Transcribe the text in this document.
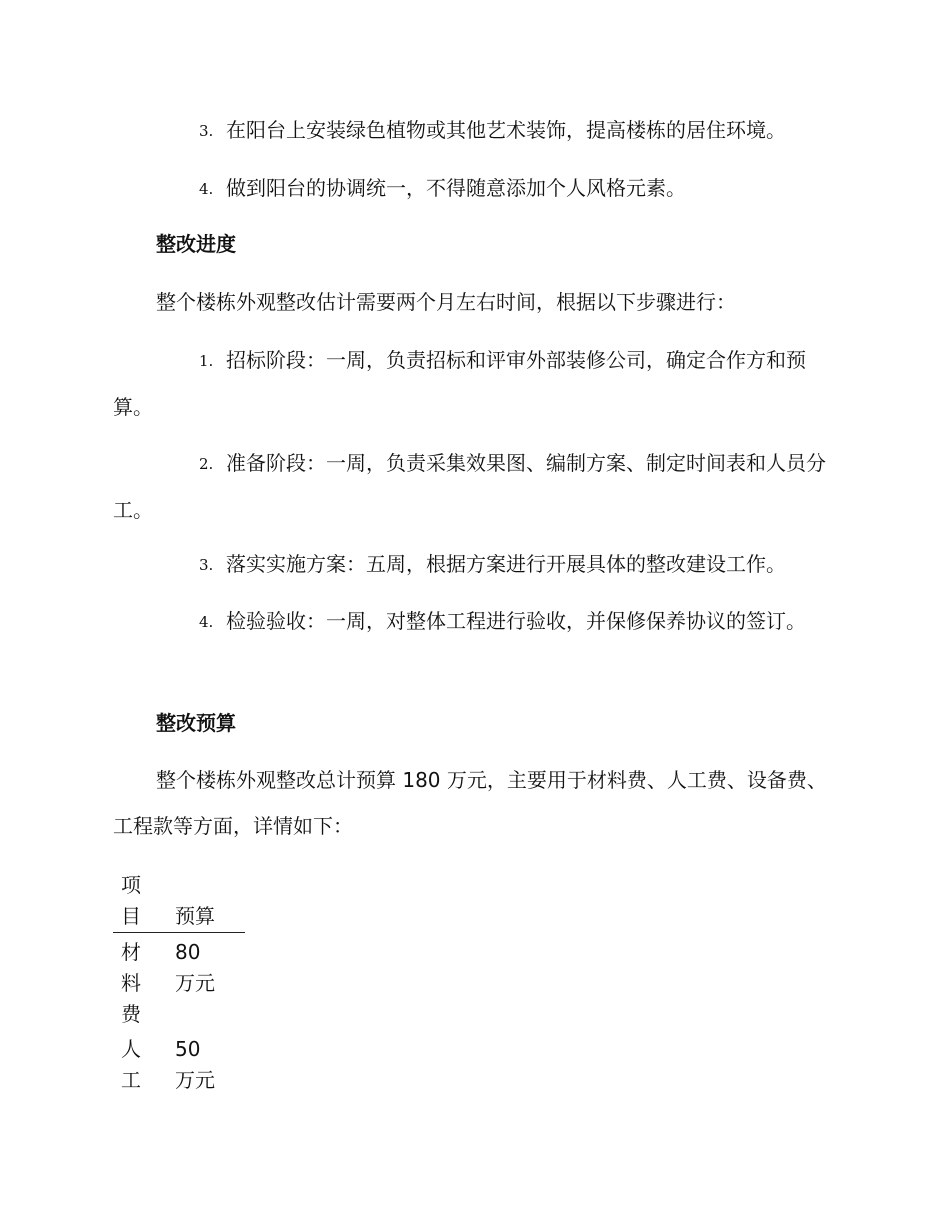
3. 在阳台上安装绿色植物或其他艺术装饰，提高楼栋的居住环境。

4. 做到阳台的协调统一，不得随意添加个人风格元素。

整改进度

整个楼栋外观整改估计需要两个月左右时间，根据以下步骤进行：

1. 招标阶段：一周，负责招标和评审外部装修公司，确定合作方和预算。

2. 准备阶段：一周，负责采集效果图、编制方案、制定时间表和人员分工。

3. 落实实施方案：五周，根据方案进行开展具体的整改建设工作。

4. 检验验收：一周，对整体工程进行验收，并保修保养协议的签订。

整改预算

整个楼栋外观整改总计预算 180 万元，主要用于材料费、人工费、设备费、工程款等方面，详情如下：

项目	预算

材料费	80 万元

人工	50 万元
